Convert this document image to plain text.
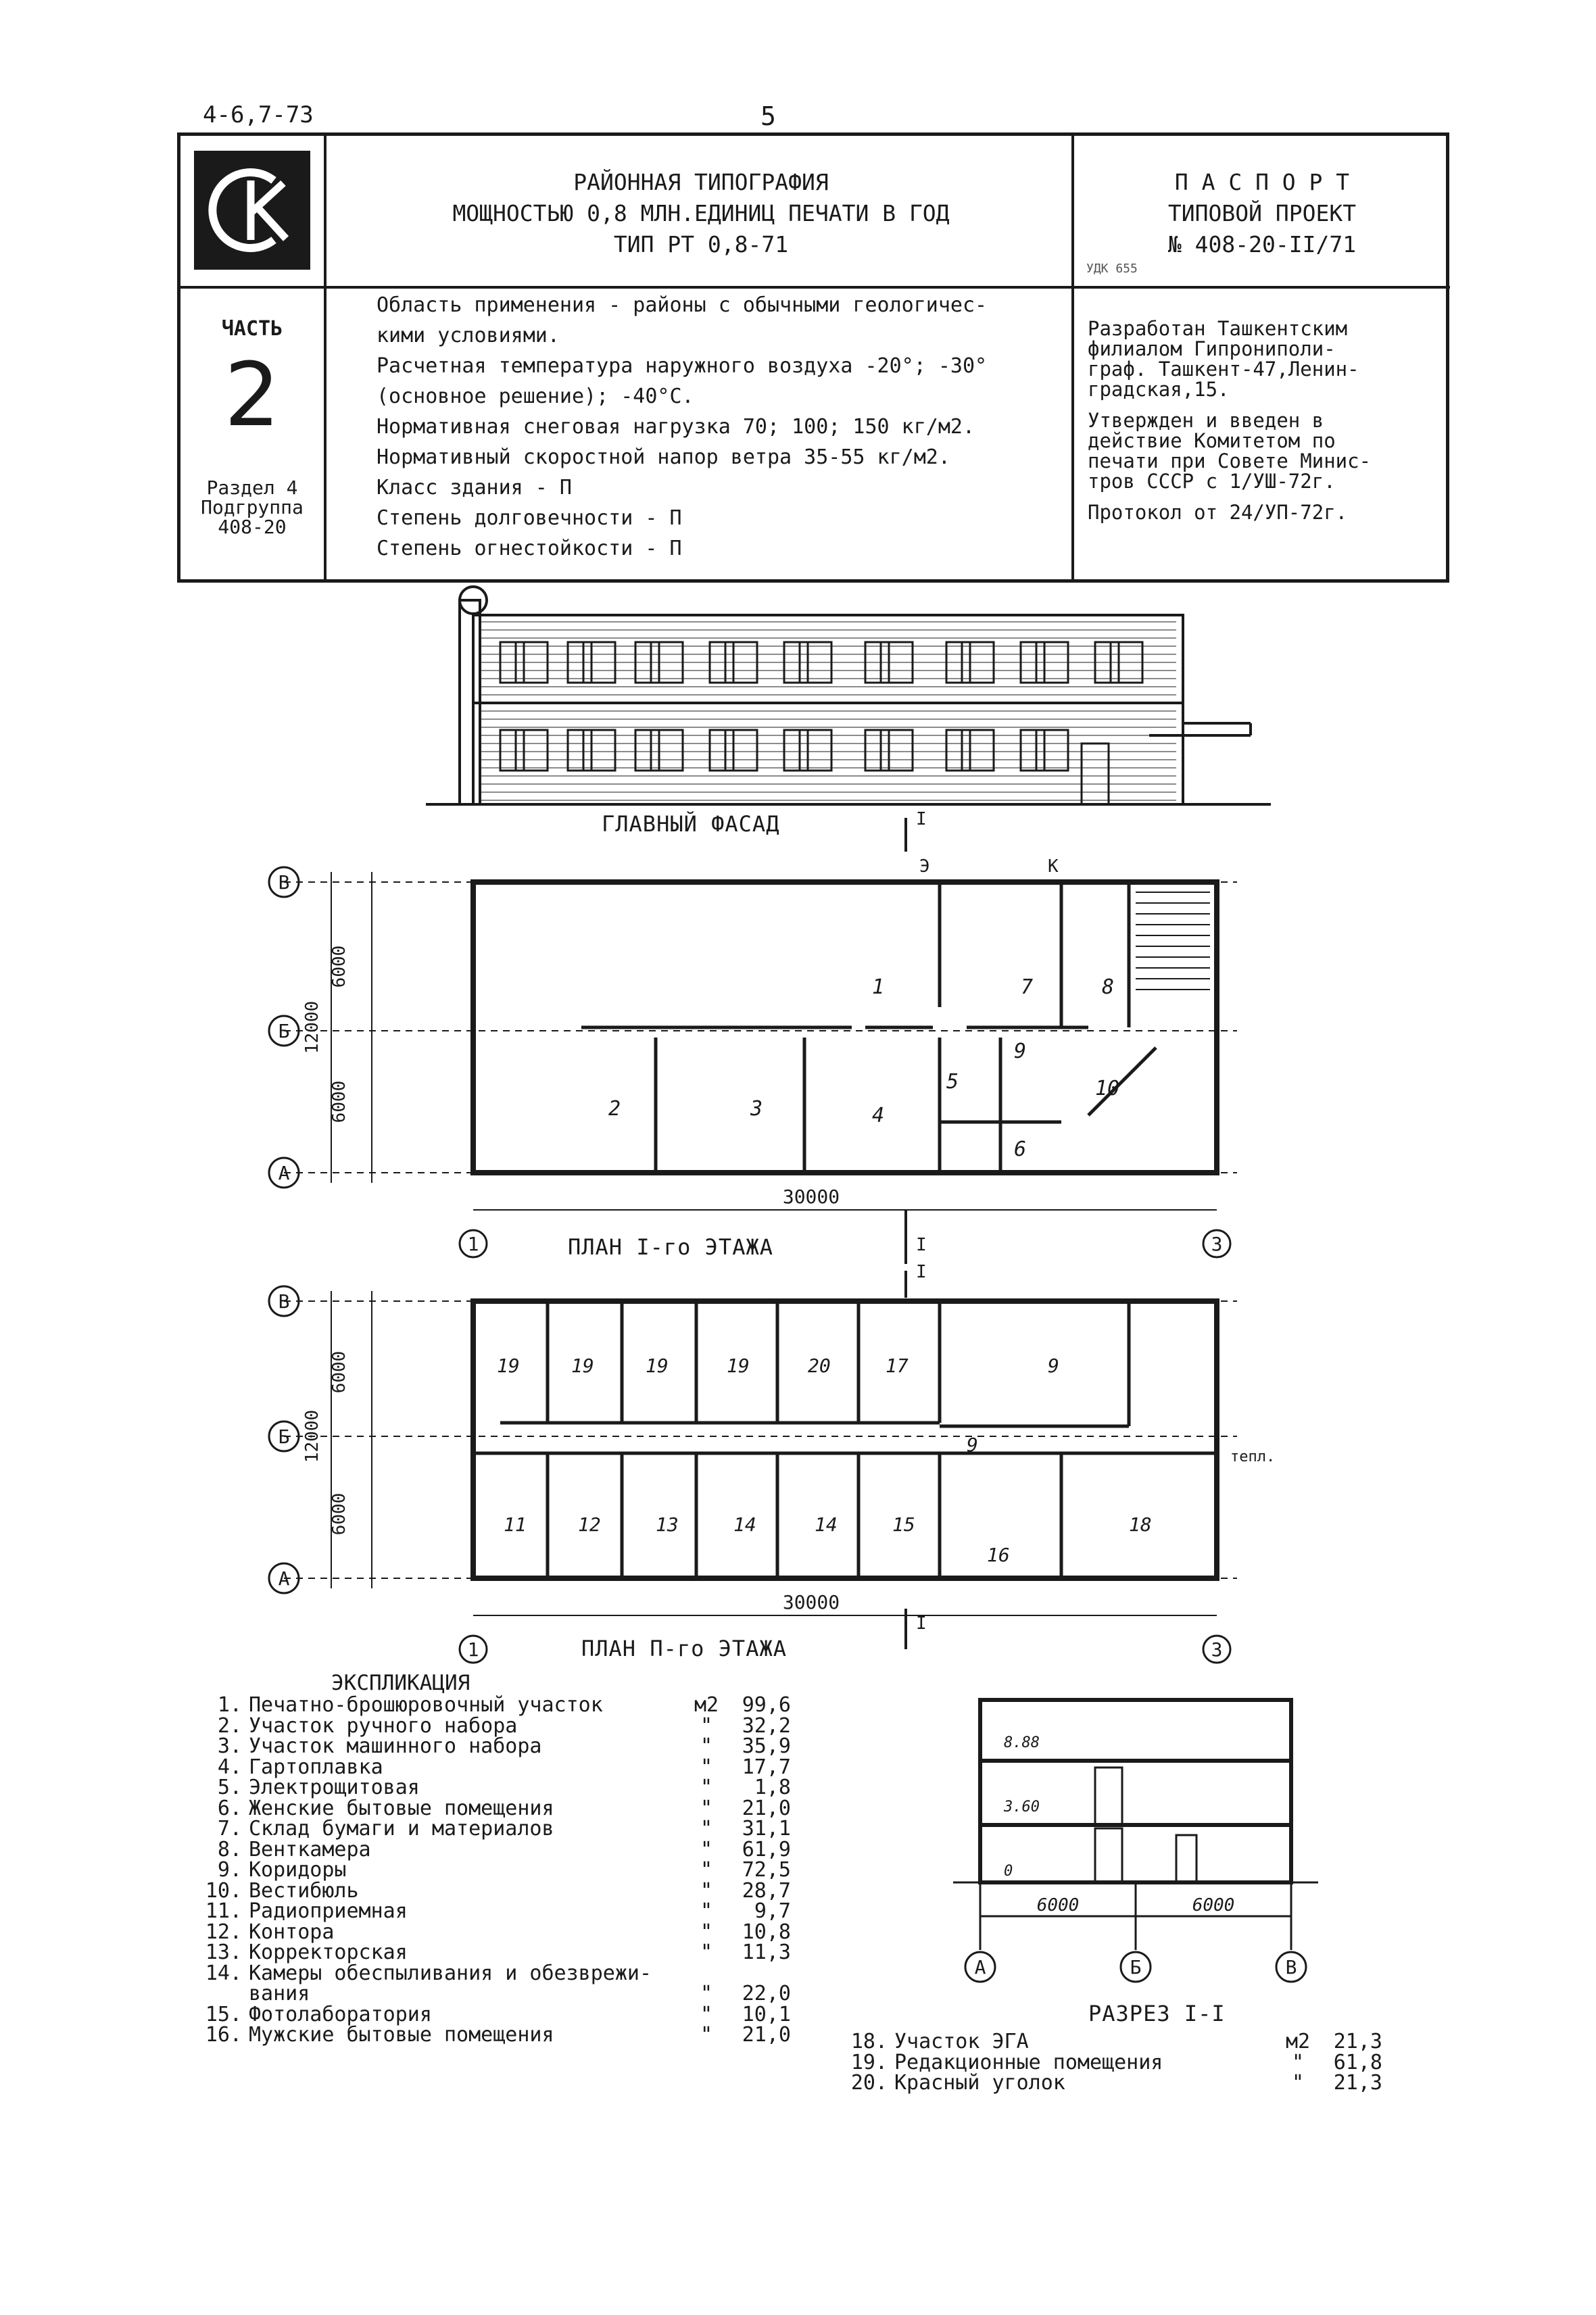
4-6,7-73	5
РАЙОННАЯ ТИПОГРАФИЯ
МОЩНОСТЬЮ 0,8 МЛН.ЕДИНИЦ ПЕЧАТИ В ГОД
ТИП РТ 0,8-71
П А С П О Р Т
ТИПОВОЙ ПРОЕКТ
№ 408-20-II/71
УДК 655
ЧАСТЬ
2
Раздел 4
Подгруппа
408-20
Область применения - районы с обычными геологичес-
кими условиями.
Расчетная температура наружного воздуха -20°; -30°
(основное решение); -40°С.
Нормативная снеговая нагрузка 70; 100; 150 кг/м2.
Нормативный скоростной напор ветра 35-55 кг/м2.
Класс здания - П
Степень долговечности - П
Степень огнестойкости - П
Разработан Ташкентским
филиалом Гипрониполи-
граф. Ташкент-47,Ленин-
градская,15.
Утвержден и введен в
действие Комитетом по
печати при Совете Минис-
тров СССР с 1/УШ-72г.
Протокол от 24/УП-72г.
ГЛАВНЫЙ ФАСАД
6000
6000
12000
30000
В
Б
А
1	3
I
I
Э	К
1
2	3	4
5
6
7	8
9
10
ПЛАН I-го ЭТАЖА
6000
6000
12000
30000
В
Б
А
1	3
I
I
тепл.
19	19	19	19	20	17	9
9
11	12	13	14	14	15
16
18
ПЛАН П-го ЭТАЖА
ЭКСПЛИКАЦИЯ
1. Печатно-брошюровочный участок	м2	99,6
2. Участок ручного набора	"	32,2
3. Участок машинного набора	"	35,9
4. Гартоплавка	"	17,7
5. Электрощитовая	"	1,8
6. Женские бытовые помещения	"	21,0
7. Склад бумаги и материалов	"	31,1
8. Венткамера	"	61,9
9. Коридоры	"	72,5
10. Вестибюль	"	28,7
11. Радиоприемная	"	9,7
12. Контора	"	10,8
13. Корректорская	"	11,3
14. Камеры обеспыливания и обезврежи-
вания	"	22,0
15. Фотолаборатория	"	10,1
16. Мужские бытовые помещения	"	21,0
8.88
3.60
0
6000	6000
А	Б	В
РАЗРЕЗ I-I
18. Участок ЭГА	м2	21,3
19. Редакционные помещения	"	61,8
20. Красный уголок	"	21,3
